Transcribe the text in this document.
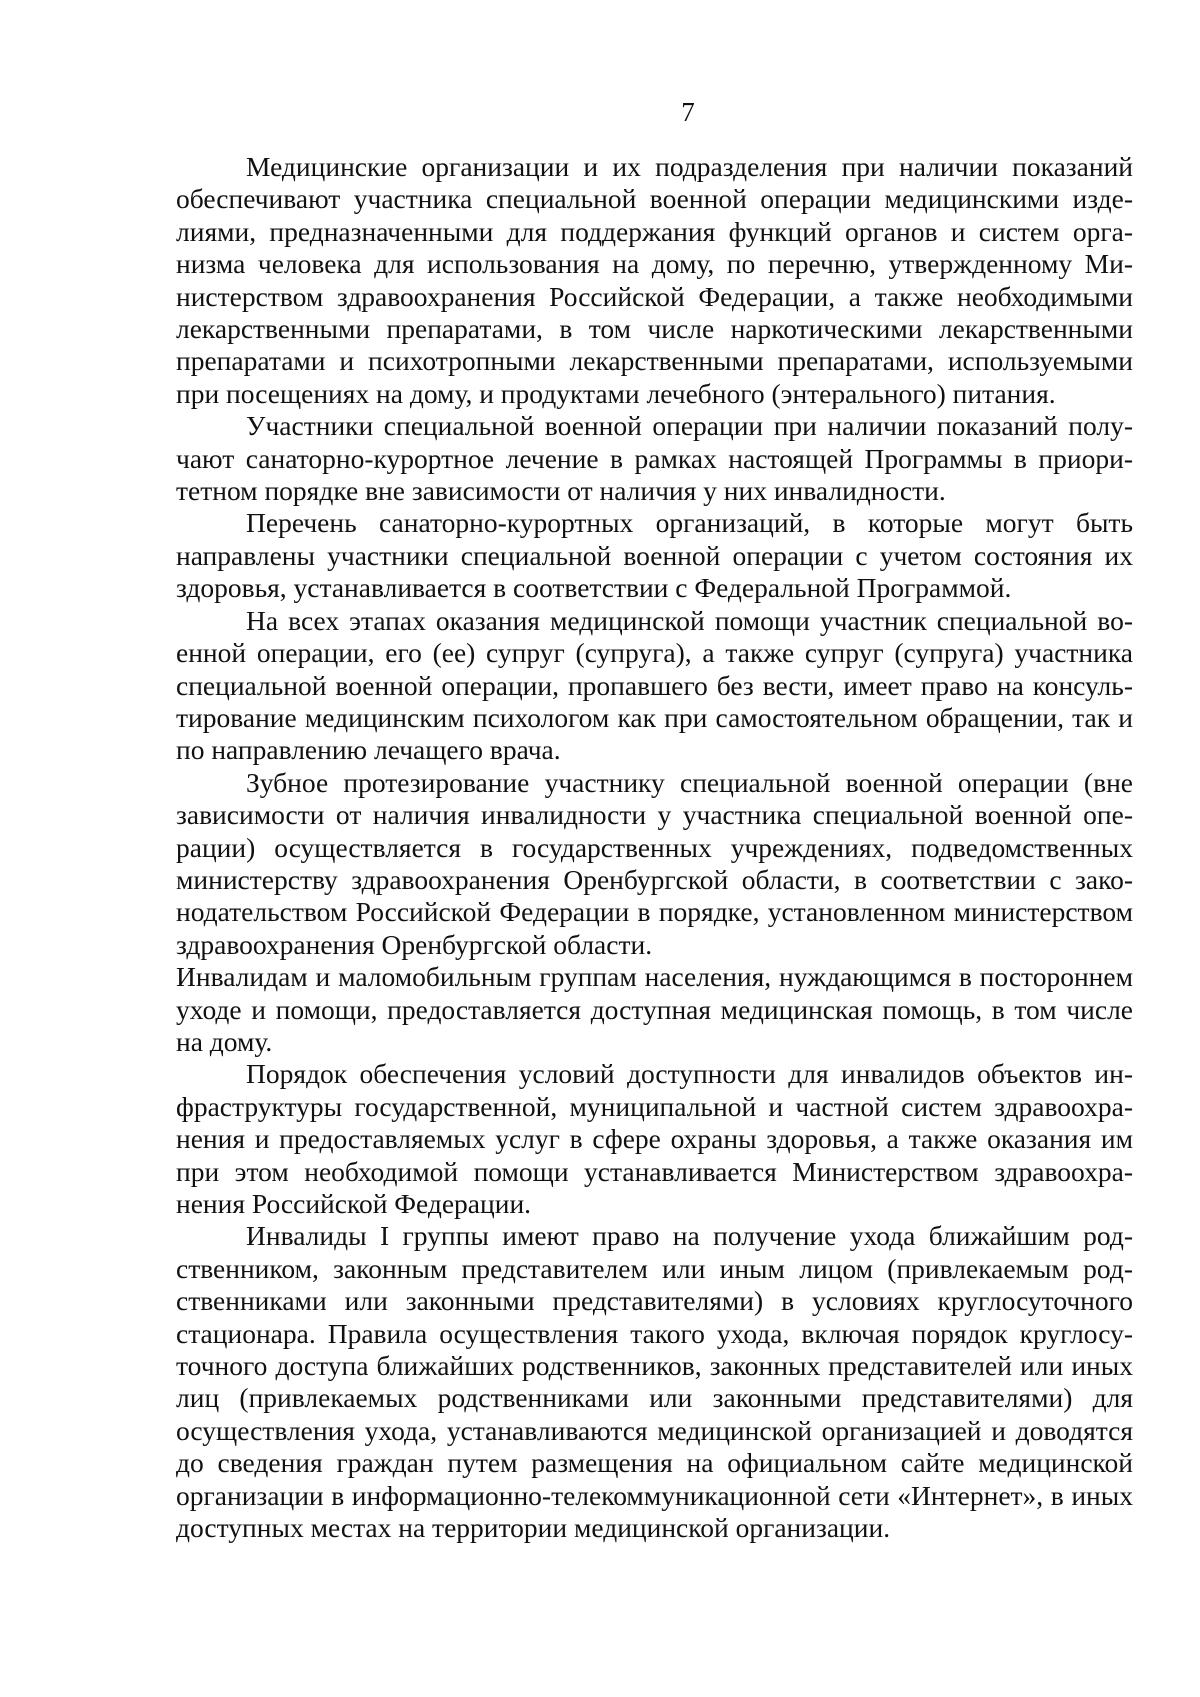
7

Медицинские организации и их подразделения при наличии показаний обеспечивают участника специальной военной операции медицинскими изделиями, предназначенными для поддержания функций органов и систем организма человека для использования на дому, по перечню, утвержденному Министерством здравоохранения Российской Федерации, а также необходимыми лекарственными препаратами, в том числе наркотическими лекарственными препаратами и психотропными лекарственными препаратами, используемыми при посещениях на дому, и продуктами лечебного (энтерального) питания.

Участники специальной военной операции при наличии показаний получают санаторно-курортное лечение в рамках настоящей Программы в приоритетном порядке вне зависимости от наличия у них инвалидности.

Перечень санаторно-курортных организаций, в которые могут быть направлены участники специальной военной операции с учетом состояния их здоровья, устанавливается в соответствии с Федеральной Программой.

На всех этапах оказания медицинской помощи участник специальной военной операции, его (ее) супруг (супруга), а также супруг (супруга) участника специальной военной операции, пропавшего без вести, имеет право на консультирование медицинским психологом как при самостоятельном обращении, так и по направлению лечащего врача.

Зубное протезирование участнику специальной военной операции (вне зависимости от наличия инвалидности у участника специальной военной операции) осуществляется в государственных учреждениях, подведомственных министерству здравоохранения Оренбургской области, в соответствии с законодательством Российской Федерации в порядке, установленном министерством здравоохранения Оренбургской области.

Инвалидам и маломобильным группам населения, нуждающимся в постороннем уходе и помощи, предоставляется доступная медицинская помощь, в том числе на дому.

Порядок обеспечения условий доступности для инвалидов объектов инфраструктуры государственной, муниципальной и частной систем здравоохранения и предоставляемых услуг в сфере охраны здоровья, а также оказания им при этом необходимой помощи устанавливается Министерством здравоохранения Российской Федерации.

Инвалиды I группы имеют право на получение ухода ближайшим родственником, законным представителем или иным лицом (привлекаемым родственниками или законными представителями) в условиях круглосуточного стационара. Правила осуществления такого ухода, включая порядок круглосуточного доступа ближайших родственников, законных представителей или иных лиц (привлекаемых родственниками или законными представителями) для осуществления ухода, устанавливаются медицинской организацией и доводятся до сведения граждан путем размещения на официальном сайте медицинской организации в информационно-телекоммуникационной сети «Интернет», в иных доступных местах на территории медицинской организации.
